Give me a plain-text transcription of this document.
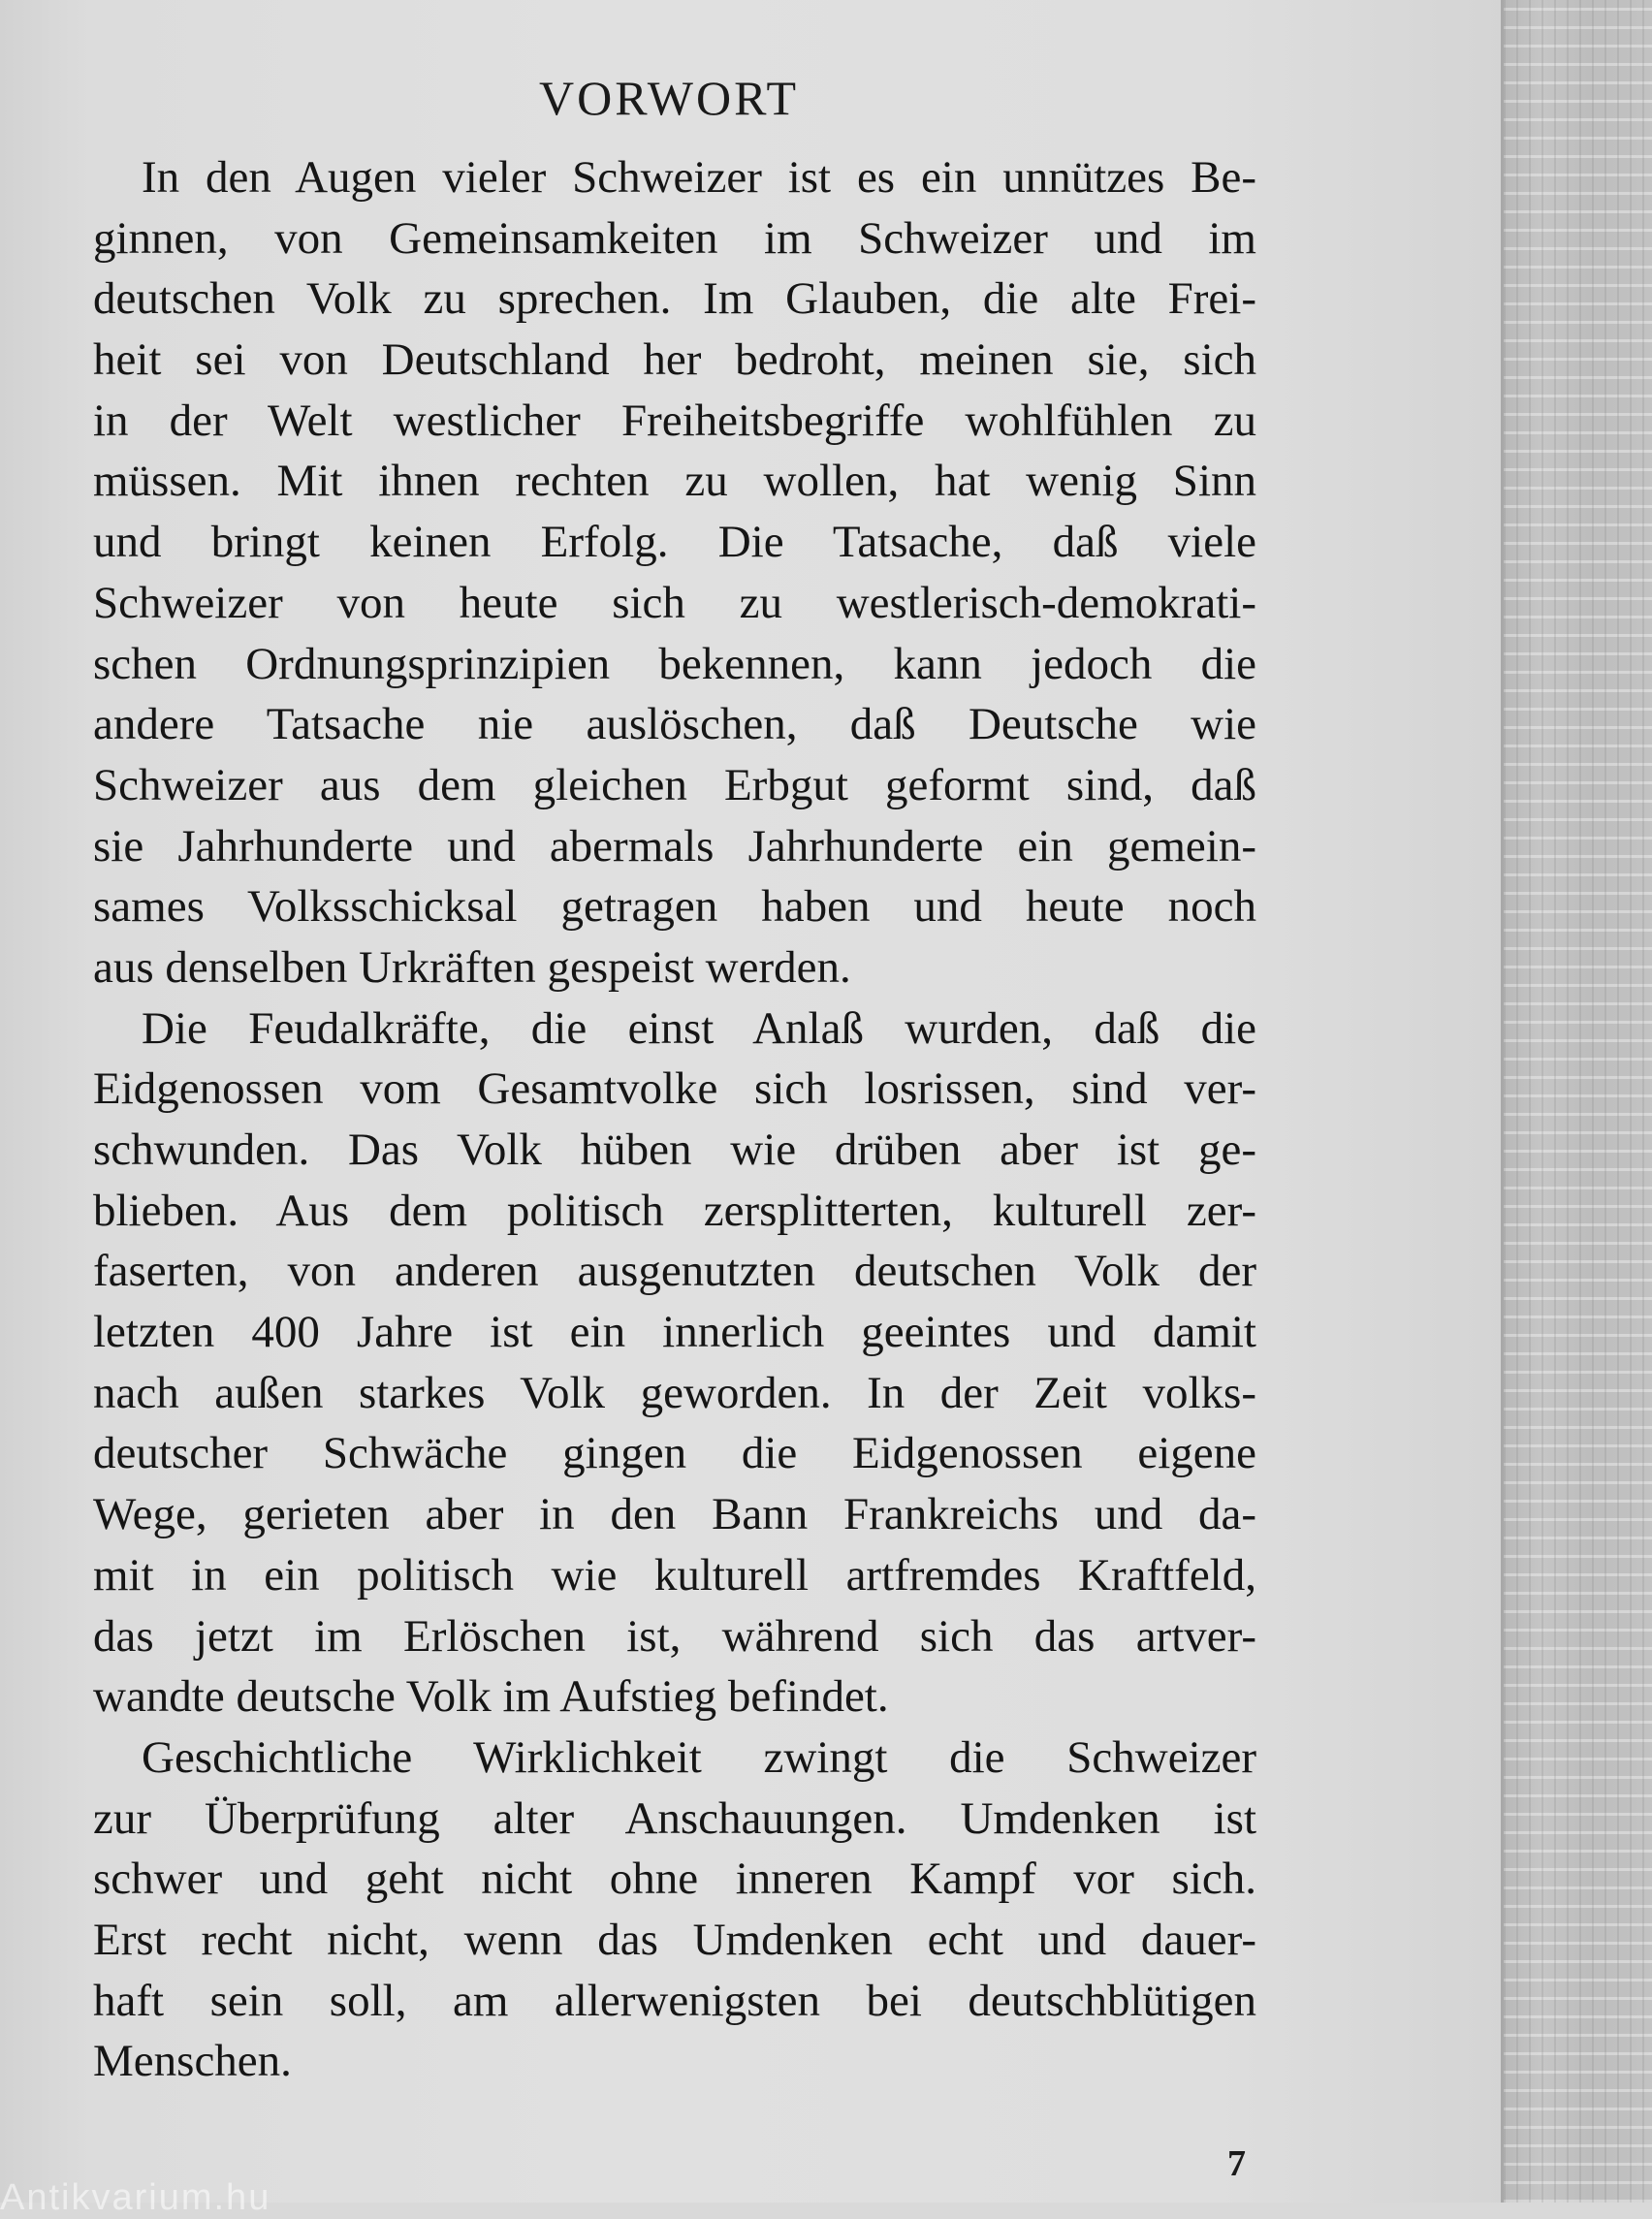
VORWORT
In den Augen vieler Schweizer ist es ein unnützes Be-
ginnen, von Gemeinsamkeiten im Schweizer und im
deutschen Volk zu sprechen. Im Glauben, die alte Frei-
heit sei von Deutschland her bedroht, meinen sie, sich
in der Welt westlicher Freiheitsbegriffe wohlfühlen zu
müssen. Mit ihnen rechten zu wollen, hat wenig Sinn
und bringt keinen Erfolg. Die Tatsache, daß viele
Schweizer von heute sich zu westlerisch-demokrati-
schen Ordnungsprinzipien bekennen, kann jedoch die
andere Tatsache nie auslöschen, daß Deutsche wie
Schweizer aus dem gleichen Erbgut geformt sind, daß
sie Jahrhunderte und abermals Jahrhunderte ein gemein-
sames Volksschicksal getragen haben und heute noch
aus denselben Urkräften gespeist werden.
Die Feudalkräfte, die einst Anlaß wurden, daß die
Eidgenossen vom Gesamtvolke sich losrissen, sind ver-
schwunden. Das Volk hüben wie drüben aber ist ge-
blieben. Aus dem politisch zersplitterten, kulturell zer-
faserten, von anderen ausgenutzten deutschen Volk der
letzten 400 Jahre ist ein innerlich geeintes und damit
nach außen starkes Volk geworden. In der Zeit volks-
deutscher Schwäche gingen die Eidgenossen eigene
Wege, gerieten aber in den Bann Frankreichs und da-
mit in ein politisch wie kulturell artfremdes Kraftfeld,
das jetzt im Erlöschen ist, während sich das artver-
wandte deutsche Volk im Aufstieg befindet.
Geschichtliche Wirklichkeit zwingt die Schweizer
zur Überprüfung alter Anschauungen. Umdenken ist
schwer und geht nicht ohne inneren Kampf vor sich.
Erst recht nicht, wenn das Umdenken echt und dauer-
haft sein soll, am allerwenigsten bei deutschblütigen
Menschen.
7
Antikvarium.hu
